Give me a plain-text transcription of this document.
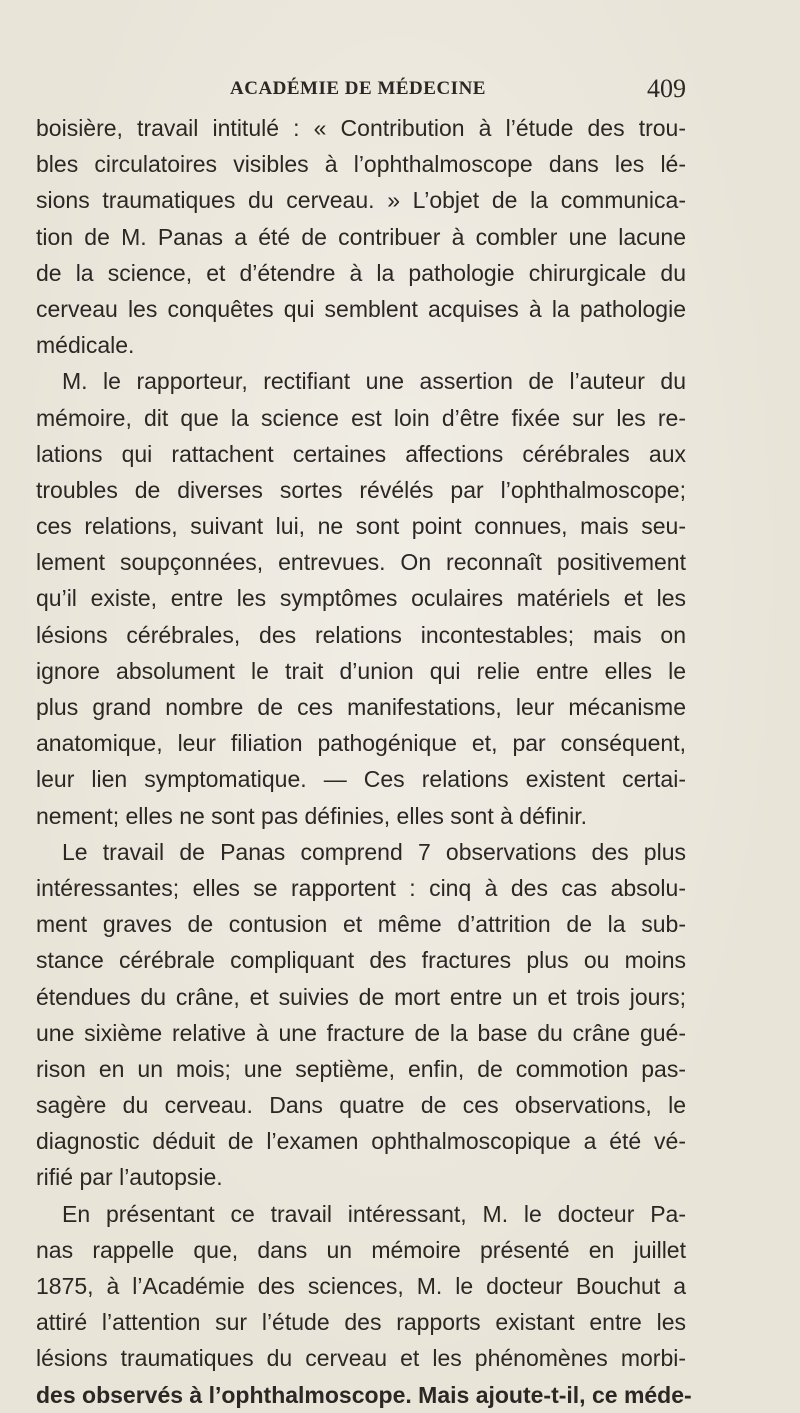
ACADÉMIE DE MÉDECINE	409
boisière, travail intitulé : « Contribution à l’étude des trou-
bles circulatoires visibles à l’ophthalmoscope dans les lé-
sions traumatiques du cerveau. » L’objet de la communica-
tion de M. Panas a été de contribuer à combler une lacune
de la science, et d’étendre à la pathologie chirurgicale du
cerveau les conquêtes qui semblent acquises à la pathologie
médicale.
M. le rapporteur, rectifiant une assertion de l’auteur du
mémoire, dit que la science est loin d’être fixée sur les re-
lations qui rattachent certaines affections cérébrales aux
troubles de diverses sortes révélés par l’ophthalmoscope;
ces relations, suivant lui, ne sont point connues, mais seu-
lement soupçonnées, entrevues. On reconnaît positivement
qu’il existe, entre les symptômes oculaires matériels et les
lésions cérébrales, des relations incontestables; mais on
ignore absolument le trait d’union qui relie entre elles le
plus grand nombre de ces manifestations, leur mécanisme
anatomique, leur filiation pathogénique et, par conséquent,
leur lien symptomatique. — Ces relations existent certai-
nement; elles ne sont pas définies, elles sont à définir.
Le travail de Panas comprend 7 observations des plus
intéressantes; elles se rapportent : cinq à des cas absolu-
ment graves de contusion et même d’attrition de la sub-
stance cérébrale compliquant des fractures plus ou moins
étendues du crâne, et suivies de mort entre un et trois jours;
une sixième relative à une fracture de la base du crâne gué-
rison en un mois; une septième, enfin, de commotion pas-
sagère du cerveau. Dans quatre de ces observations, le
diagnostic déduit de l’examen ophthalmoscopique a été vé-
rifié par l’autopsie.
En présentant ce travail intéressant, M. le docteur Pa-
nas rappelle que, dans un mémoire présenté en juillet
1875, à l’Académie des sciences, M. le docteur Bouchut a
attiré l’attention sur l’étude des rapports existant entre les
lésions traumatiques du cerveau et les phénomènes morbi-
des observés à l’ophthalmoscope. Mais ajoute-t-il, ce méde-
